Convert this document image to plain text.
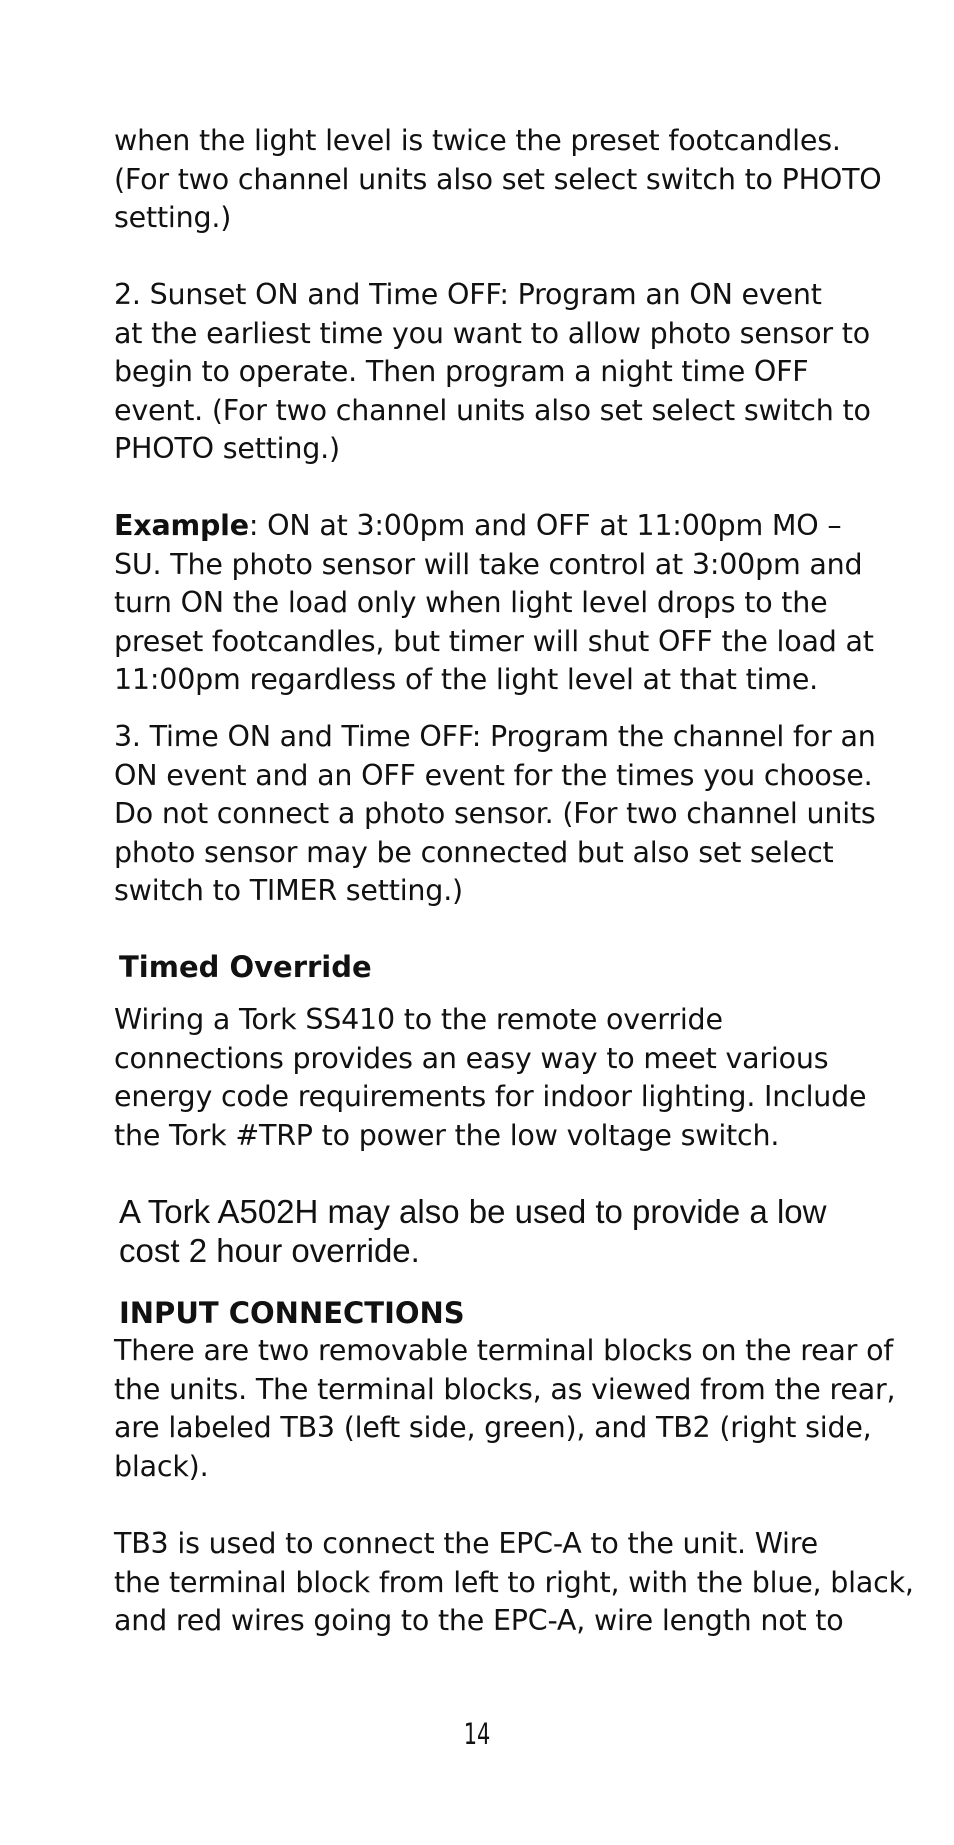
when the light level is twice the preset footcandles.
(For two channel units also set select switch to PHOTO
setting.)

2. Sunset ON and Time OFF: Program an ON event
at the earliest time you want to allow photo sensor to
begin to operate. Then program a night time OFF
event. (For two channel units also set select switch to
PHOTO setting.)

Example: ON at 3:00pm and OFF at 11:00pm MO –
SU. The photo sensor will take control at 3:00pm and
turn ON the load only when light level drops to the
preset footcandles, but timer will shut OFF the load at
11:00pm regardless of the light level at that time.

3. Time ON and Time OFF: Program the channel for an
ON event and an OFF event for the times you choose.
Do not connect a photo sensor. (For two channel units
photo sensor may be connected but also set select
switch to TIMER setting.)

Timed Override

Wiring a Tork SS410 to the remote override
connections provides an easy way to meet various
energy code requirements for indoor lighting. Include
the Tork #TRP to power the low voltage switch.

A Tork A502H may also be used to provide a low
cost 2 hour override.

INPUT CONNECTIONS

There are two removable terminal blocks on the rear of
the units. The terminal blocks, as viewed from the rear,
are labeled TB3 (left side, green), and TB2 (right side,
black).

TB3 is used to connect the EPC-A to the unit. Wire
the terminal block from left to right, with the blue, black,
and red wires going to the EPC-A, wire length not to

14
